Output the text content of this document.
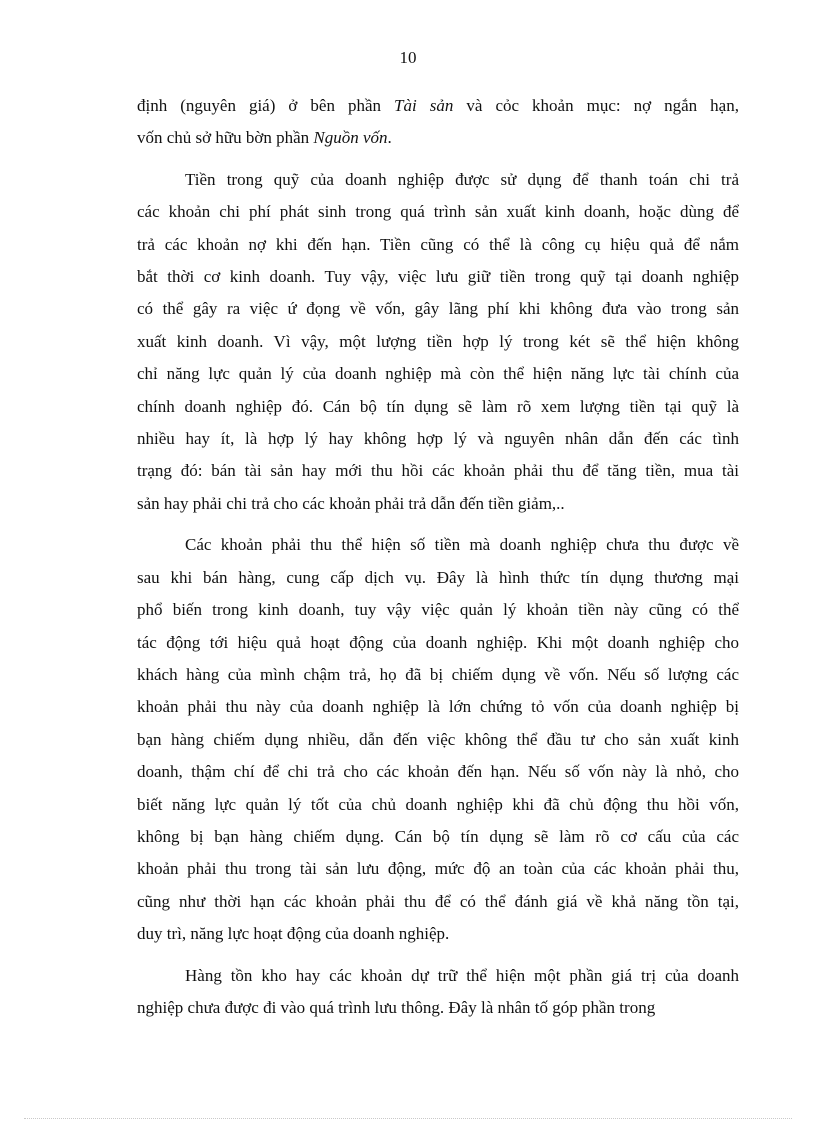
10
định (nguyên giá) ở bên phần Tài sản và cỏc khoản mục: nợ ngắn hạn,
vốn chủ sở hữu bờn phần Nguồn vốn.
Tiền trong quỹ của doanh nghiệp được sử dụng để thanh toán chi trả
các khoản chi phí phát sinh trong quá trình sản xuất kinh doanh, hoặc dùng để
trả các khoản nợ khi đến hạn. Tiền cũng có thể là công cụ hiệu quả để nắm
bắt thời cơ kinh doanh. Tuy vậy, việc lưu giữ tiền trong quỹ tại doanh nghiệp
có thể gây ra việc ứ đọng về vốn, gây lãng phí khi không đưa vào trong sản
xuất kinh doanh. Vì vậy, một lượng tiền hợp lý trong két sẽ thể hiện không
chỉ năng lực quản lý của doanh nghiệp mà còn thể hiện năng lực tài chính của
chính doanh nghiệp đó. Cán bộ tín dụng sẽ làm rõ xem lượng tiền tại quỹ là
nhiều hay ít, là hợp lý hay không hợp lý và nguyên nhân dẫn đến các tình
trạng đó: bán tài sản hay mới thu hồi các khoản phải thu để tăng tiền, mua tài
sản hay phải chi trả cho các khoản phải trả dẫn đến tiền giảm,..
Các khoản phải thu thể hiện số tiền mà doanh nghiệp chưa thu được về
sau khi bán hàng, cung cấp dịch vụ. Đây là hình thức tín dụng thương mại
phổ biến trong kinh doanh, tuy vậy việc quản lý khoản tiền này cũng có thể
tác động tới hiệu quả hoạt động của doanh nghiệp. Khi một doanh nghiệp cho
khách hàng của mình chậm trả, họ đã bị chiếm dụng về vốn. Nếu số lượng các
khoản phải thu này của doanh nghiệp là lớn chứng tỏ vốn của doanh nghiệp bị
bạn hàng chiếm dụng nhiều, dẫn đến việc không thể đầu tư cho sản xuất kinh
doanh, thậm chí để chi trả cho các khoản đến hạn. Nếu số vốn này là nhỏ, cho
biết năng lực quản lý tốt của chủ doanh nghiệp khi đã chủ động thu hồi vốn,
không bị bạn hàng chiếm dụng. Cán bộ tín dụng sẽ làm rõ cơ cấu của các
khoản phải thu trong tài sản lưu động, mức độ an toàn của các khoản phải thu,
cũng như thời hạn các khoản phải thu để có thể đánh giá về khả năng tồn tại,
duy trì, năng lực hoạt động của doanh nghiệp.
Hàng tồn kho hay các khoản dự trữ thể hiện một phần giá trị của doanh
nghiệp chưa được đi vào quá trình lưu thông. Đây là nhân tố góp phần trong
